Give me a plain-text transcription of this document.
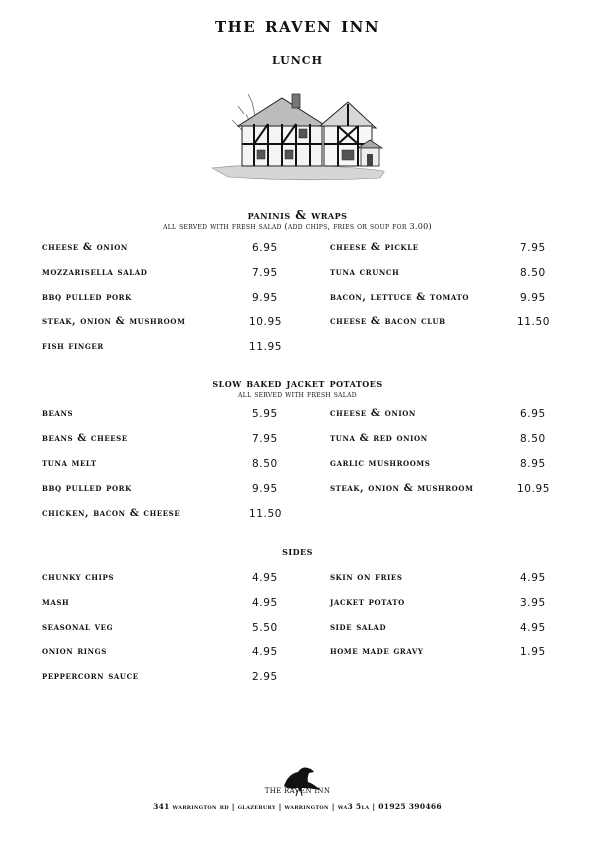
the raven inn
lunch
paninis & wraps
all served with fresh salad (add chips, fries or soup for 3.00)
cheese & onion	6.95	cheese & pickle	7.95
mozzarisella salad	7.95	tuna crunch	8.50
bbq pulled pork	9.95	bacon, lettuce & tomato	9.95
steak, onion & mushroom	10.95	cheese & bacon club	11.50
fish finger	11.95
slow baked jacket potatoes
all served with fresh salad
beans	5.95	cheese & onion	6.95
beans & cheese	7.95	tuna & red onion	8.50
tuna melt	8.50	garlic mushrooms	8.95
bbq pulled pork	9.95	steak, onion & mushroom	10.95
chicken, bacon & cheese	11.50
sides
chunky chips	4.95	skin on fries	4.95
mash	4.95	jacket potato	3.95
seasonal veg	5.50	side salad	4.95
onion rings	4.95	home made gravy	1.95
peppercorn sauce	2.95
THE RAVEN INN
341 warrington rd | glazebury | warrington | wa3 5la | 01925 390466
